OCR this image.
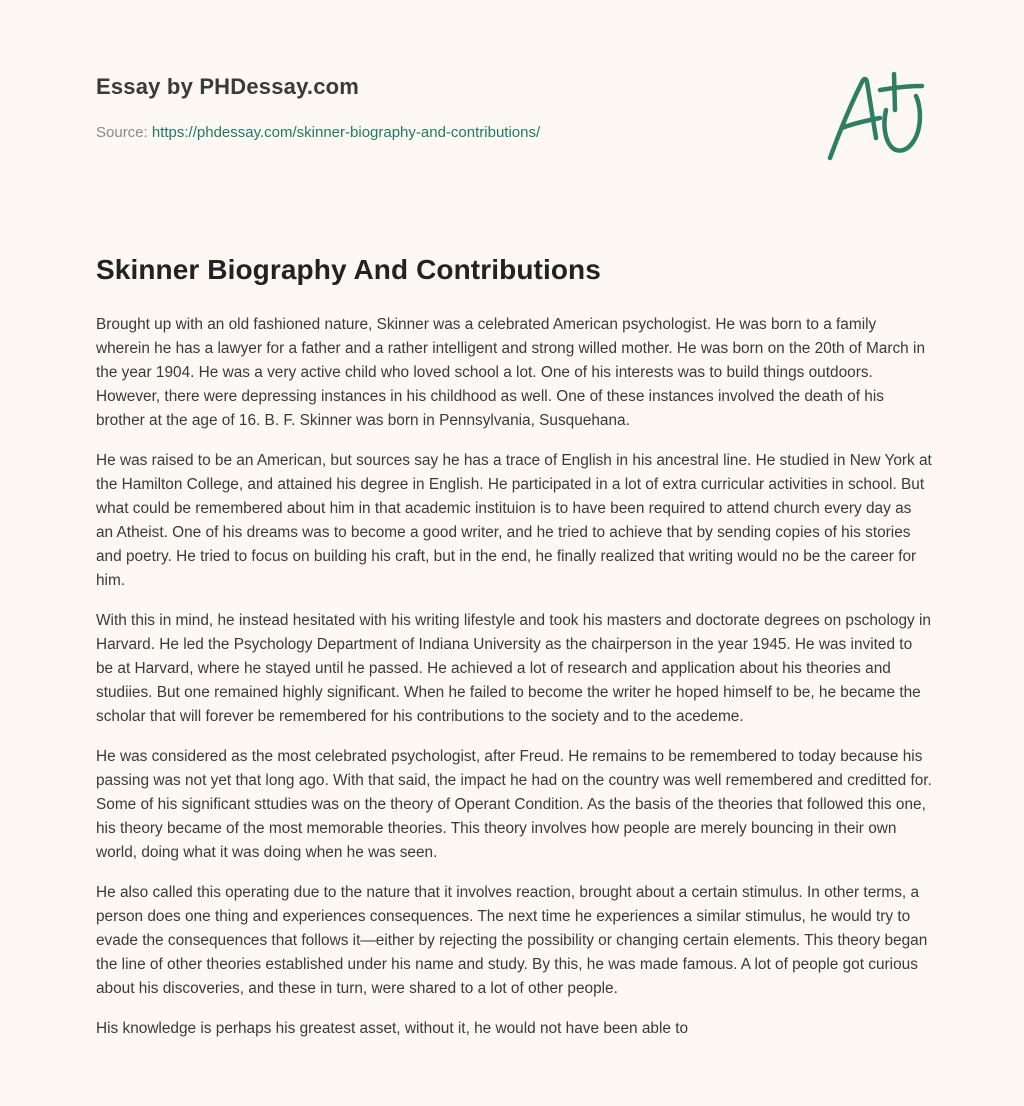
Essay by PHDessay.com
Source: https://phdessay.com/skinner-biography-and-contributions/
Skinner Biography And Contributions

Brought up with an old fashioned nature, Skinner was a celebrated American psychologist. He was born to a family wherein he has a lawyer for a father and a rather intelligent and strong willed mother. He was born on the 20th of March in the year 1904. He was a very active child who loved school a lot. One of his interests was to build things outdoors. However, there were depressing instances in his childhood as well. One of these instances involved the death of his brother at the age of 16. B. F. Skinner was born in Pennsylvania, Susquehana.

He was raised to be an American, but sources say he has a trace of English in his ancestral line. He studied in New York at the Hamilton College, and attained his degree in English. He participated in a lot of extra curricular activities in school. But what could be remembered about him in that academic instituion is to have been required to attend church every day as an Atheist. One of his dreams was to become a good writer, and he tried to achieve that by sending copies of his stories and poetry. He tried to focus on building his craft, but in the end, he finally realized that writing would no be the career for him.

With this in mind, he instead hesitated with his writing lifestyle and took his masters and doctorate degrees on pschology in Harvard. He led the Psychology Department of Indiana University as the chairperson in the year 1945. He was invited to be at Harvard, where he stayed until he passed. He achieved a lot of research and application about his theories and studiies. But one remained highly significant. When he failed to become the writer he hoped himself to be, he became the scholar that will forever be remembered for his contributions to the society and to the acedeme.

He was considered as the most celebrated psychologist, after Freud. He remains to be remembered to today because his passing was not yet that long ago. With that said, the impact he had on the country was well remembered and creditted for. Some of his significant sttudies was on the theory of Operant Condition. As the basis of the theories that followed this one, his theory became of the most memorable theories. This theory involves how people are merely bouncing in their own world, doing what it was doing when he was seen.

He also called this operating due to the nature that it involves reaction, brought about a certain stimulus. In other terms, a person does one thing and experiences consequences. The next time he experiences a similar stimulus, he would try to evade the consequences that follows it—either by rejecting the possibility or changing certain elements. This theory began the line of other theories established under his name and study. By this, he was made famous. A lot of people got curious about his discoveries, and these in turn, were shared to a lot of other people.

His knowledge is perhaps his greatest asset, without it, he would not have been able to
